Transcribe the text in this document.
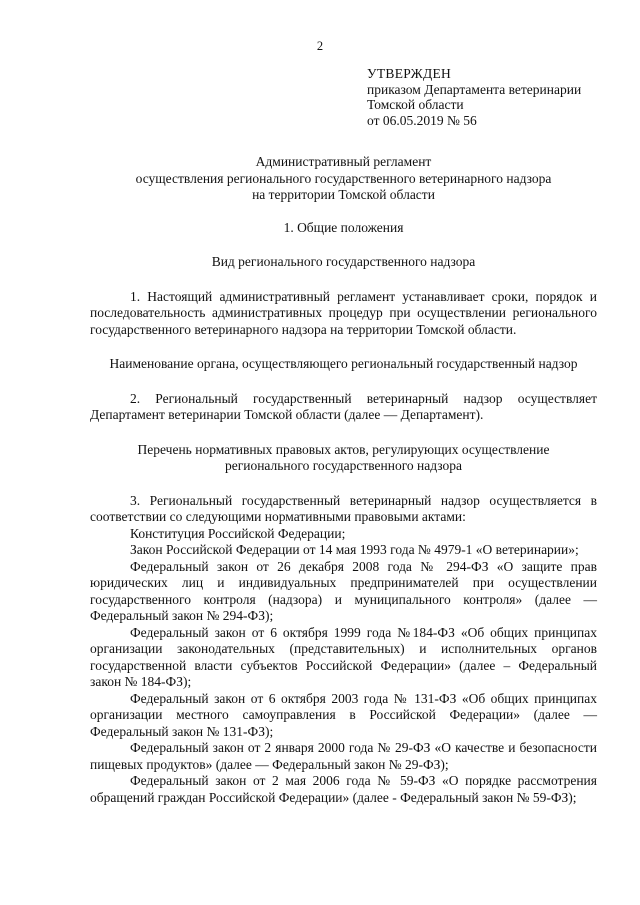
2
УТВЕРЖДЕН
приказом Департамента ветеринарии
Томской области
от 06.05.2019 № 56
Административный регламент
осуществления регионального государственного ветеринарного надзора
на территории Томской области
1. Общие положения
Вид регионального государственного надзора

1. Настоящий административный регламент устанавливает сроки, порядок и последовательность административных процедур при осуществлении регионального государственного ветеринарного надзора на территории Томской области.

Наименование органа, осуществляющего региональный государственный надзор

2. Региональный государственный ветеринарный надзор осуществляет Департамент ветеринарии Томской области (далее — Департамент).

Перечень нормативных правовых актов, регулирующих осуществление
регионального государственного надзора

3. Региональный государственный ветеринарный надзор осуществляется в соответствии со следующими нормативными правовыми актами:

Конституция Российской Федерации;

Закон Российской Федерации от 14 мая 1993 года № 4979-1 «О ветеринарии»;

Федеральный закон от 26 декабря 2008 года № 294-ФЗ «О защите прав юридических лиц и индивидуальных предпринимателей при осуществлении государственного контроля (надзора) и муниципального контроля» (далее — Федеральный закон № 294-ФЗ);

Федеральный закон от 6 октября 1999 года №184-ФЗ «Об общих принципах организации законодательных (представительных) и исполнительных органов государственной власти субъектов Российской Федерации» (далее – Федеральный закон № 184-ФЗ);

Федеральный закон от 6 октября 2003 года № 131-ФЗ «Об общих принципах организации местного самоуправления в Российской Федерации» (далее — Федеральный закон № 131-ФЗ);

Федеральный закон от 2 января 2000 года № 29-ФЗ «О качестве и безопасности пищевых продуктов» (далее — Федеральный закон № 29-ФЗ);

Федеральный закон от 2 мая 2006 года № 59-ФЗ «О порядке рассмотрения обращений граждан Российской Федерации» (далее - Федеральный закон № 59-ФЗ);
